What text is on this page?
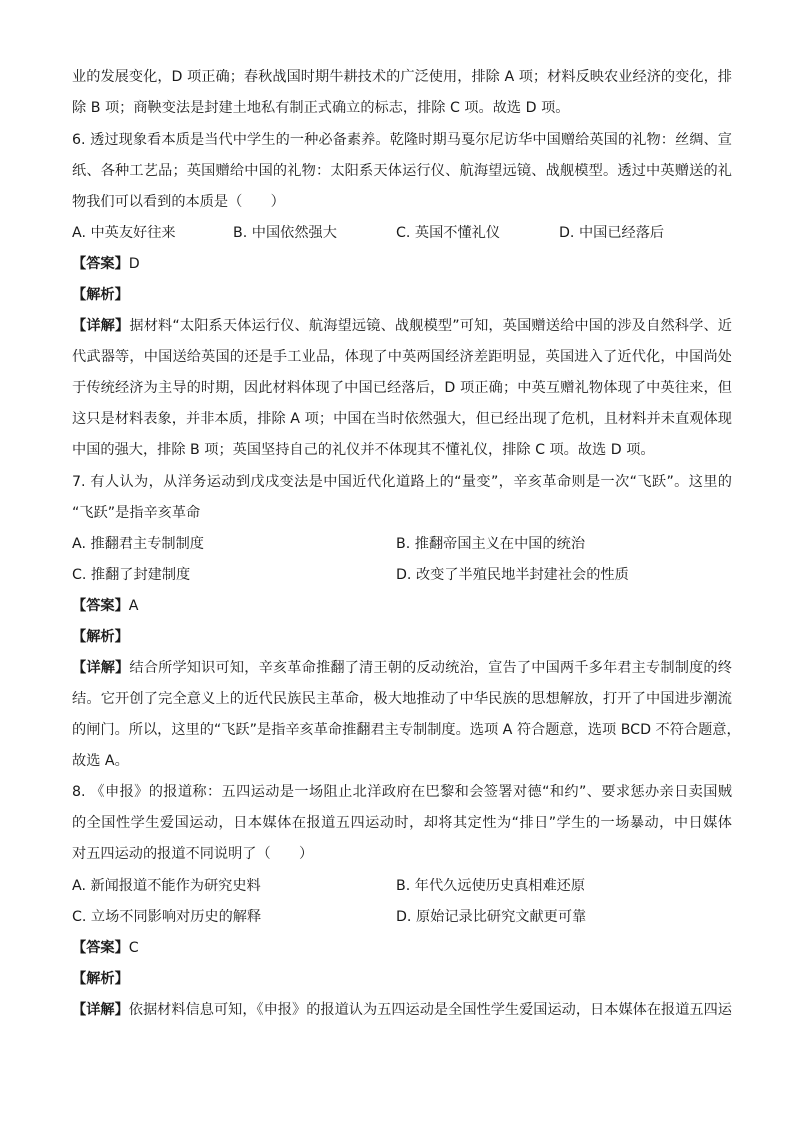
业的发展变化，D 项正确；春秋战国时期牛耕技术的广泛使用，排除 A 项；材料反映农业经济的变化，排
除 B 项；商鞅变法是封建土地私有制正式确立的标志，排除 C 项。故选 D 项。
6. 透过现象看本质是当代中学生的一种必备素养。乾隆时期马戛尔尼访华中国赠给英国的礼物：丝绸、宣
纸、各种工艺品；英国赠给中国的礼物：太阳系天体运行仪、航海望远镜、战舰模型。透过中英赠送的礼
物我们可以看到的本质是（　　）
A. 中英友好往来	B. 中国依然强大	C. 英国不懂礼仪	D. 中国已经落后
【答案】D
【解析】
【详解】据材料“太阳系天体运行仪、航海望远镜、战舰模型”可知，英国赠送给中国的涉及自然科学、近
代武器等，中国送给英国的还是手工业品，体现了中英两国经济差距明显，英国进入了近代化，中国尚处
于传统经济为主导的时期，因此材料体现了中国已经落后，D 项正确；中英互赠礼物体现了中英往来，但
这只是材料表象，并非本质，排除 A 项；中国在当时依然强大，但已经出现了危机，且材料并未直观体现
中国的强大，排除 B 项；英国坚持自己的礼仪并不体现其不懂礼仪，排除 C 项。故选 D 项。
7. 有人认为，从洋务运动到戊戌变法是中国近代化道路上的“量变”，辛亥革命则是一次“飞跃”。这里的
“飞跃”是指辛亥革命
A. 推翻君主专制制度	B. 推翻帝国主义在中国的统治
C. 推翻了封建制度	D. 改变了半殖民地半封建社会的性质
【答案】A
【解析】
【详解】结合所学知识可知，辛亥革命推翻了清王朝的反动统治，宣告了中国两千多年君主专制制度的终
结。它开创了完全意义上的近代民族民主革命，极大地推动了中华民族的思想解放，打开了中国进步潮流
的闸门。所以，这里的“飞跃”是指辛亥革命推翻君主专制制度。选项 A 符合题意，选项 BCD 不符合题意，
故选 A。
8. 《申报》的报道称：五四运动是一场阻止北洋政府在巴黎和会签署对德“和约”、要求惩办亲日卖国贼
的全国性学生爱国运动，日本媒体在报道五四运动时，却将其定性为“排日”学生的一场暴动，中日媒体
对五四运动的报道不同说明了（　　）
A. 新闻报道不能作为研究史料	B. 年代久远使历史真相难还原
C. 立场不同影响对历史的解释	D. 原始记录比研究文献更可靠
【答案】C
【解析】
【详解】依据材料信息可知，《申报》的报道认为五四运动是全国性学生爱国运动，日本媒体在报道五四运
